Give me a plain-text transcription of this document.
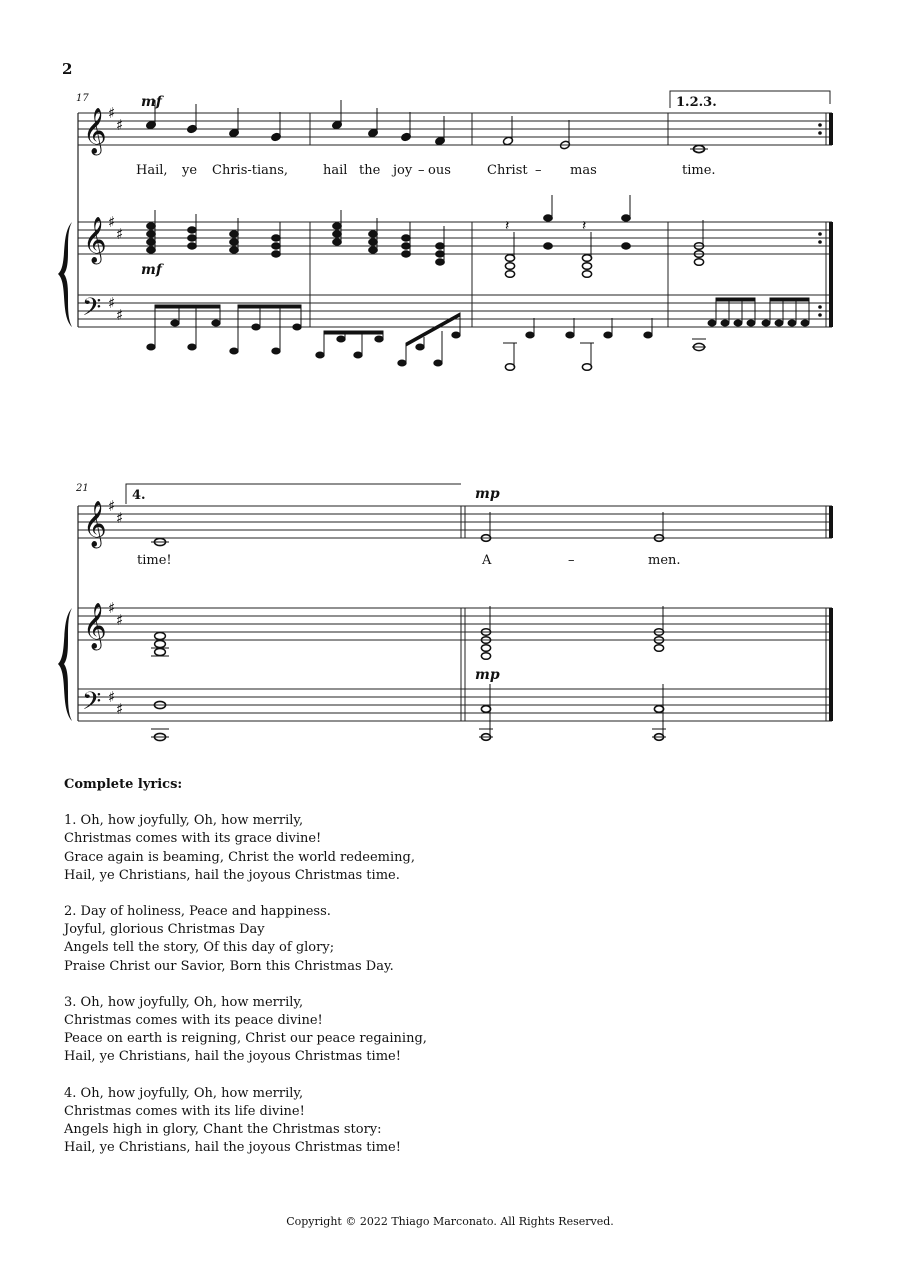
2
17
𝄞
𝄞
𝄢
♯
♯
♯
♯
♯
♯
1.2.3.
mf
mf
𝄽	𝄽
Hail, ye Chris-tians,	hail the joy – ous	Christ – mas	time.
21
𝄞
𝄞
𝄢
♯
♯
♯
♯
♯
♯
4.	mp
mp
time!	A	–	men.
Complete lyrics:
1. Oh, how joyfully, Oh, how merrily,
Christmas comes with its grace divine!
Grace again is beaming, Christ the world redeeming,
Hail, ye Christians, hail the joyous Christmas time.
2. Day of holiness, Peace and happiness.
Joyful, glorious Christmas Day
Angels tell the story, Of this day of glory;
Praise Christ our Savior, Born this Christmas Day.
3. Oh, how joyfully, Oh, how merrily,
Christmas comes with its peace divine!
Peace on earth is reigning, Christ our peace regaining,
Hail, ye Christians, hail the joyous Christmas time!
4. Oh, how joyfully, Oh, how merrily,
Christmas comes with its life divine!
Angels high in glory, Chant the Christmas story:
Hail, ye Christians, hail the joyous Christmas time!
Copyright © 2022 Thiago Marconato. All Rights Reserved.
